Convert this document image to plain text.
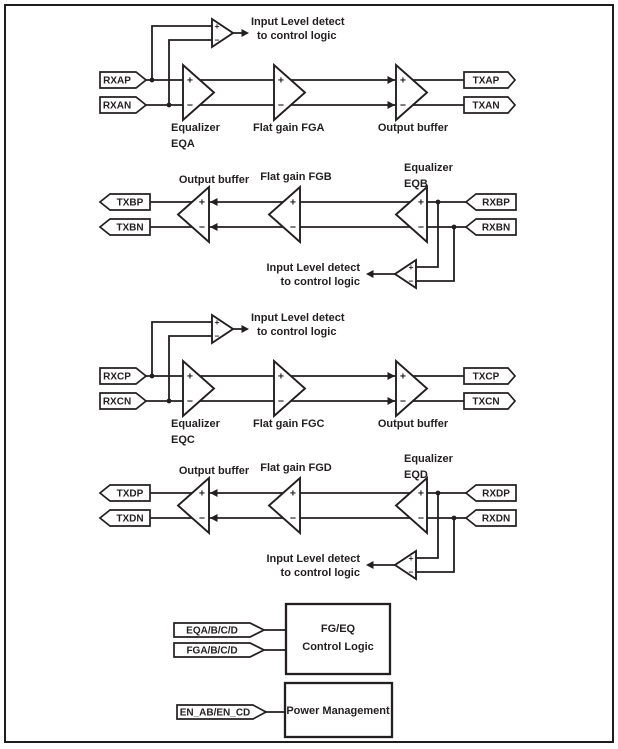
+
−
+
−
+
−
+
−
RXAP
RXAN
TXAP
TXAN
Equalizer
EQA
Flat gain FGA	Output buffer
Input Level detect
to control logic
+
−
+
−
+
−
+
−
TXBP
TXBN
RXBP
RXBN
Output buffer Flat gain FGB
Equalizer
EQB
Input Level detect
to control logic
+
−
+
−
+
−
+
−
RXCP
RXCN
TXCP
TXCN
Equalizer
EQC
Flat gain FGC	Output buffer
Input Level detect
to control logic
+
−
+
−
+
−
+
−
TXDP
TXDN
RXDP
RXDN
Output buffer Flat gain FGD
Equalizer
EQD
Input Level detect
to control logic
EQA/B/C/D
FGA/B/C/D
FG/EQ
Control Logic
EN_AB/EN_CD	Power Management
